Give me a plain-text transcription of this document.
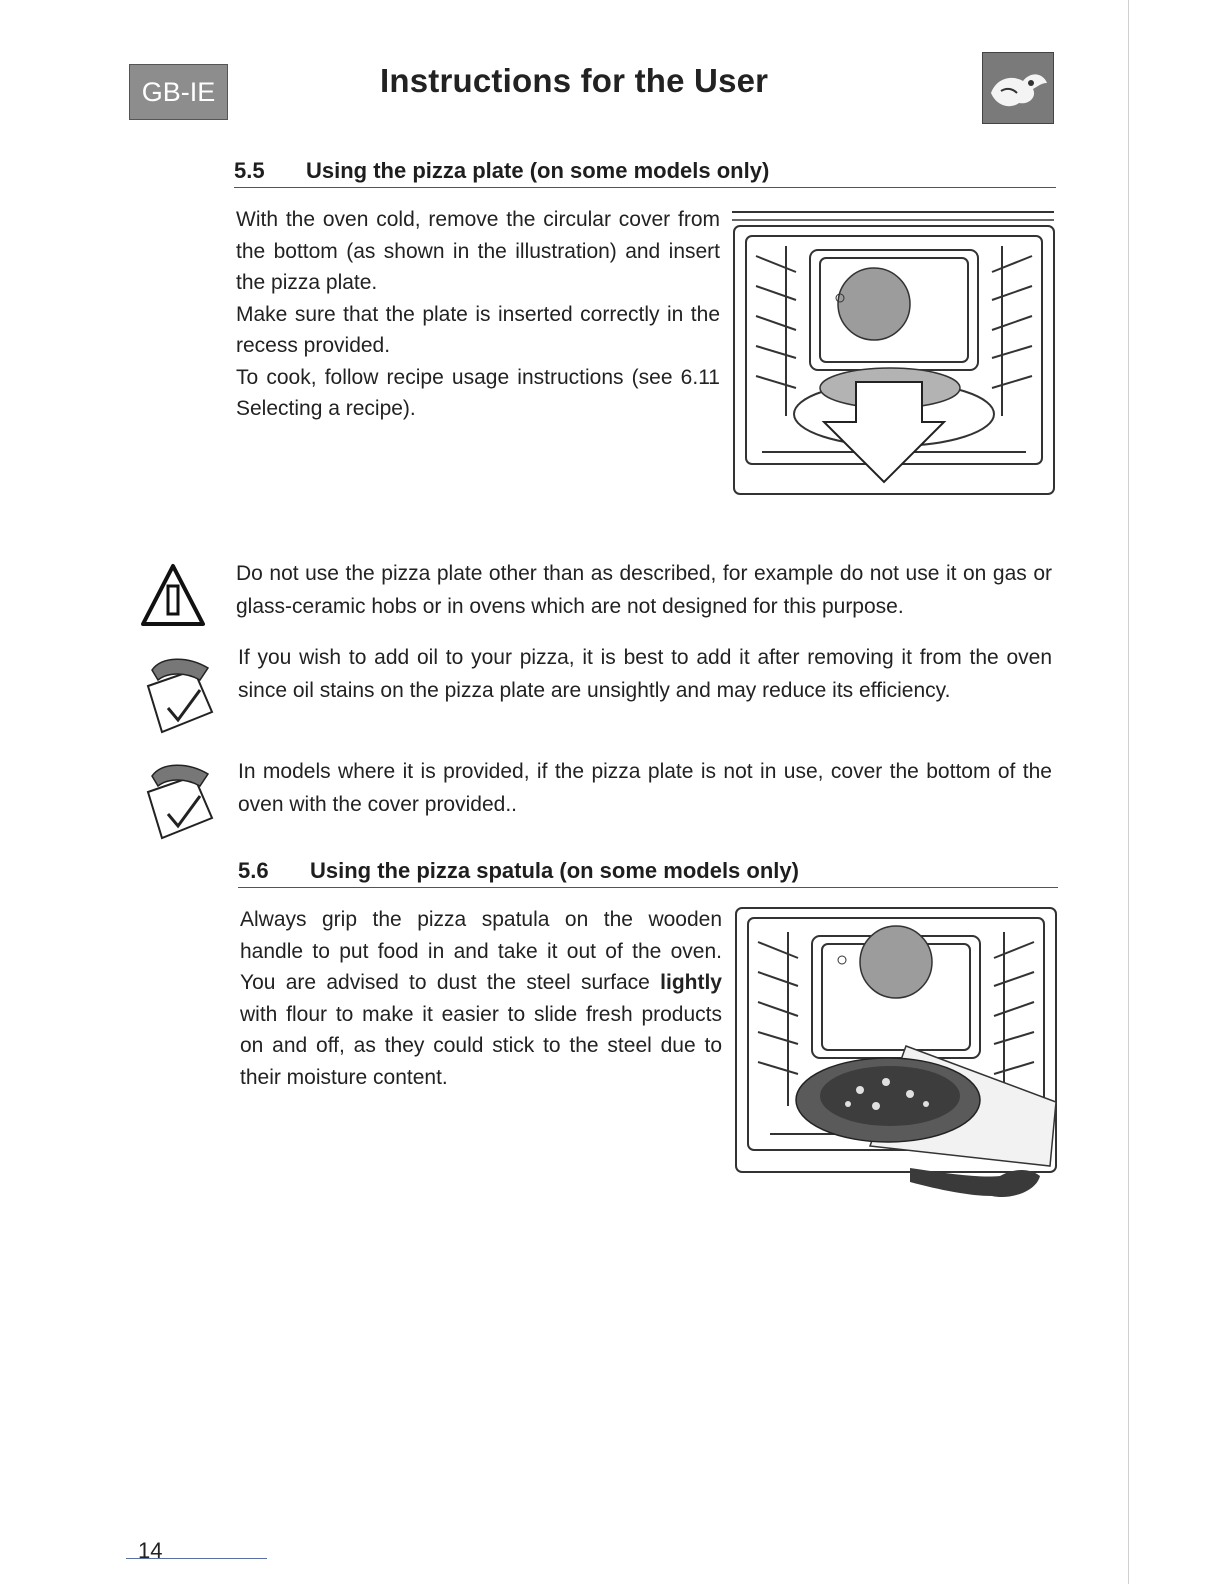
GB-IE	Instructions for the User
5.5 Using the pizza plate (on some models only)
With the oven cold, remove the circular cover from the bottom (as shown in the illustration) and insert the pizza plate.
Make sure that the plate is inserted correctly in the recess provided.
To cook, follow recipe usage instructions (see 6.11 Selecting a recipe).
Do not use the pizza plate other than as described, for example do not use it on gas or glass-ceramic hobs or in ovens which are not designed for this purpose.
If you wish to add oil to your pizza, it is best to add it after removing it from the oven since oil stains on the pizza plate are unsightly and may reduce its efficiency.
In models where it is provided, if the pizza plate is not in use, cover the bottom of the oven with the cover provided..
5.6 Using the pizza spatula (on some models only)
Always grip the pizza spatula on the wooden handle to put food in and take it out of the oven. You are advised to dust the steel surface lightly with flour to make it easier to slide fresh products on and off, as they could stick to the steel due to their moisture content.
14
